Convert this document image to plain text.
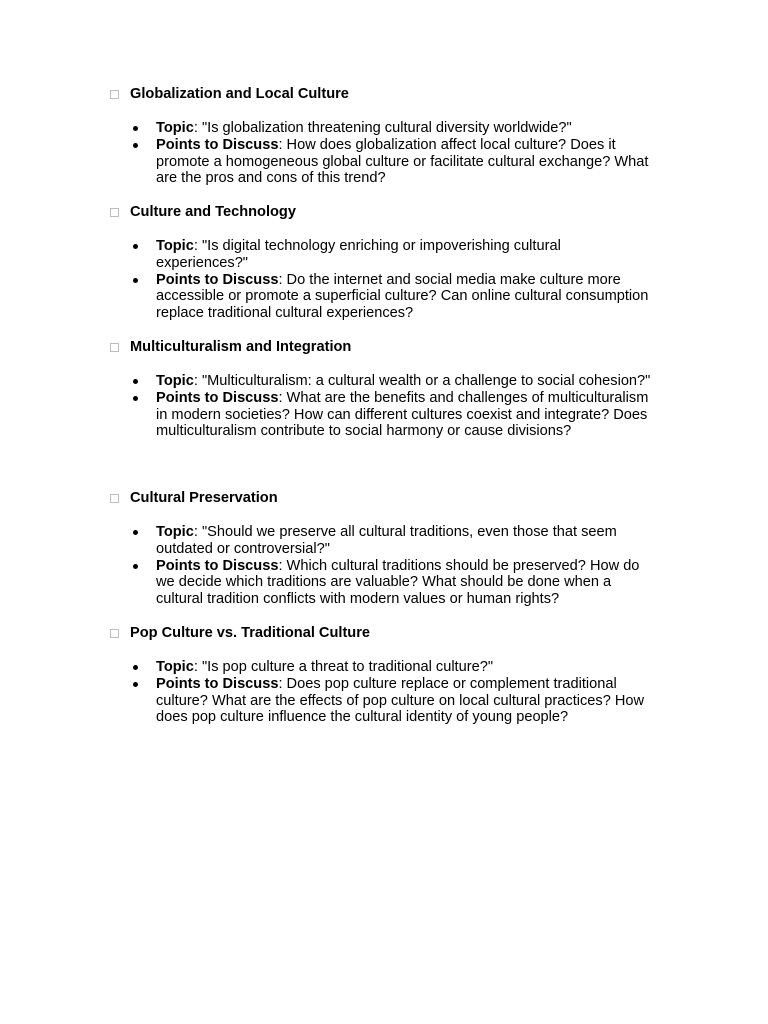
Globalization and Local Culture
Topic: "Is globalization threatening cultural diversity worldwide?"
Points to Discuss: How does globalization affect local culture? Does it promote a homogeneous global culture or facilitate cultural exchange? What are the pros and cons of this trend?
Culture and Technology
Topic: "Is digital technology enriching or impoverishing cultural experiences?"
Points to Discuss: Do the internet and social media make culture more accessible or promote a superficial culture? Can online cultural consumption replace traditional cultural experiences?
Multiculturalism and Integration
Topic: "Multiculturalism: a cultural wealth or a challenge to social cohesion?"
Points to Discuss: What are the benefits and challenges of multiculturalism in modern societies? How can different cultures coexist and integrate? Does multiculturalism contribute to social harmony or cause divisions?
Cultural Preservation
Topic: "Should we preserve all cultural traditions, even those that seem outdated or controversial?"
Points to Discuss: Which cultural traditions should be preserved? How do we decide which traditions are valuable? What should be done when a cultural tradition conflicts with modern values or human rights?
Pop Culture vs. Traditional Culture
Topic: "Is pop culture a threat to traditional culture?"
Points to Discuss: Does pop culture replace or complement traditional culture? What are the effects of pop culture on local cultural practices? How does pop culture influence the cultural identity of young people?
